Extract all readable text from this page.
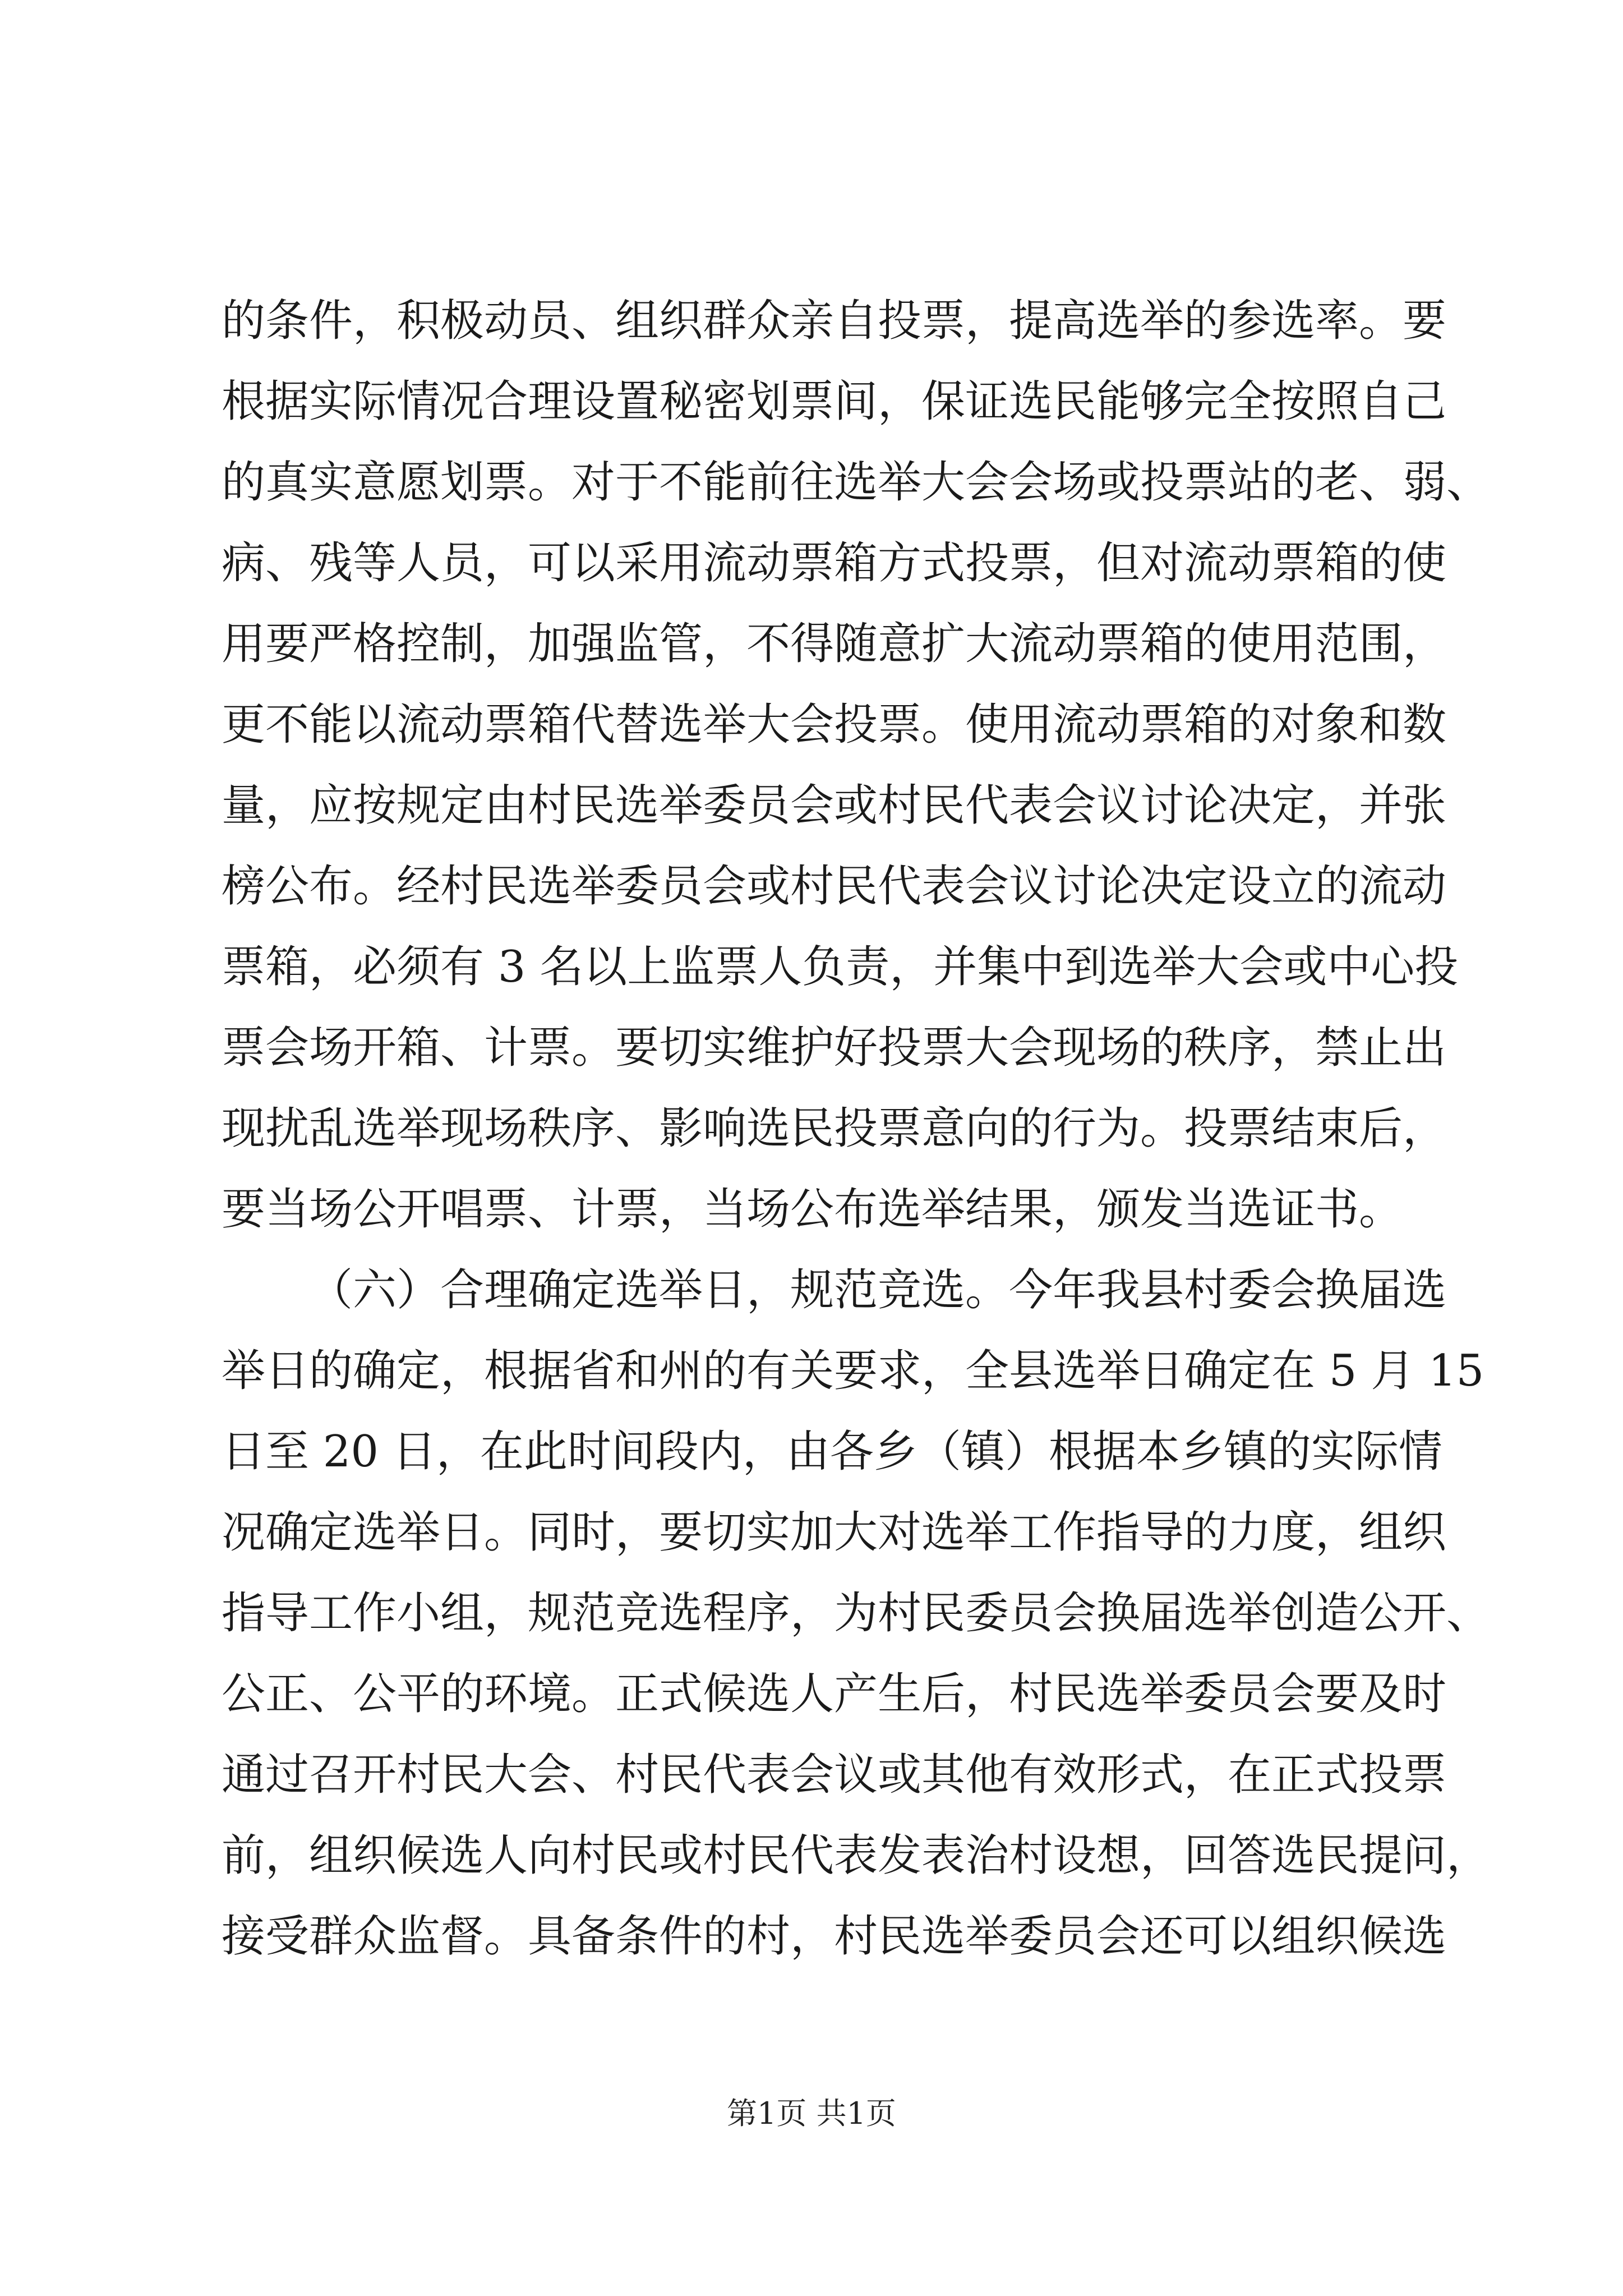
的条件，积极动员、组织群众亲自投票，提高选举的参选率。要
根据实际情况合理设置秘密划票间，保证选民能够完全按照自己
的真实意愿划票。对于不能前往选举大会会场或投票站的老、弱、
病、残等人员，可以采用流动票箱方式投票，但对流动票箱的使
用要严格控制，加强监管，不得随意扩大流动票箱的使用范围，
更不能以流动票箱代替选举大会投票。使用流动票箱的对象和数
量，应按规定由村民选举委员会或村民代表会议讨论决定，并张
榜公布。经村民选举委员会或村民代表会议讨论决定设立的流动
票箱，必须有 3 名以上监票人负责，并集中到选举大会或中心投
票会场开箱、计票。要切实维护好投票大会现场的秩序，禁止出
现扰乱选举现场秩序、影响选民投票意向的行为。投票结束后，
要当场公开唱票、计票，当场公布选举结果，颁发当选证书。
（六）合理确定选举日，规范竞选。今年我县村委会换届选
举日的确定，根据省和州的有关要求，全县选举日确定在 5 月 15
日至 20 日，在此时间段内，由各乡（镇）根据本乡镇的实际情
况确定选举日。同时，要切实加大对选举工作指导的力度，组织
指导工作小组，规范竞选程序，为村民委员会换届选举创造公开、
公正、公平的环境。正式候选人产生后，村民选举委员会要及时
通过召开村民大会、村民代表会议或其他有效形式，在正式投票
前，组织候选人向村民或村民代表发表治村设想，回答选民提问，
接受群众监督。具备条件的村，村民选举委员会还可以组织候选
第1页 共1页
